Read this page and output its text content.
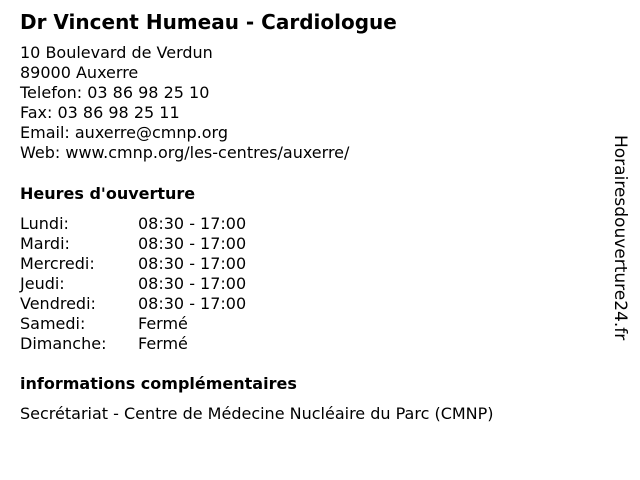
Dr Vincent Humeau - Cardiologue
10 Boulevard de Verdun
89000 Auxerre
Telefon: 03 86 98 25 10
Fax: 03 86 98 25 11
Email: auxerre@cmnp.org
Web: www.cmnp.org/les-centres/auxerre/
Heures d'ouverture
Lundi:	08:30 - 17:00
Mardi:	08:30 - 17:00
Mercredi:	08:30 - 17:00
Jeudi:	08:30 - 17:00
Vendredi:	08:30 - 17:00
Samedi:	Fermé
Dimanche:	Fermé
informations complémentaires
Secrétariat - Centre de Médecine Nucléaire du Parc (CMNP)
Horairesdouverture24.fr
